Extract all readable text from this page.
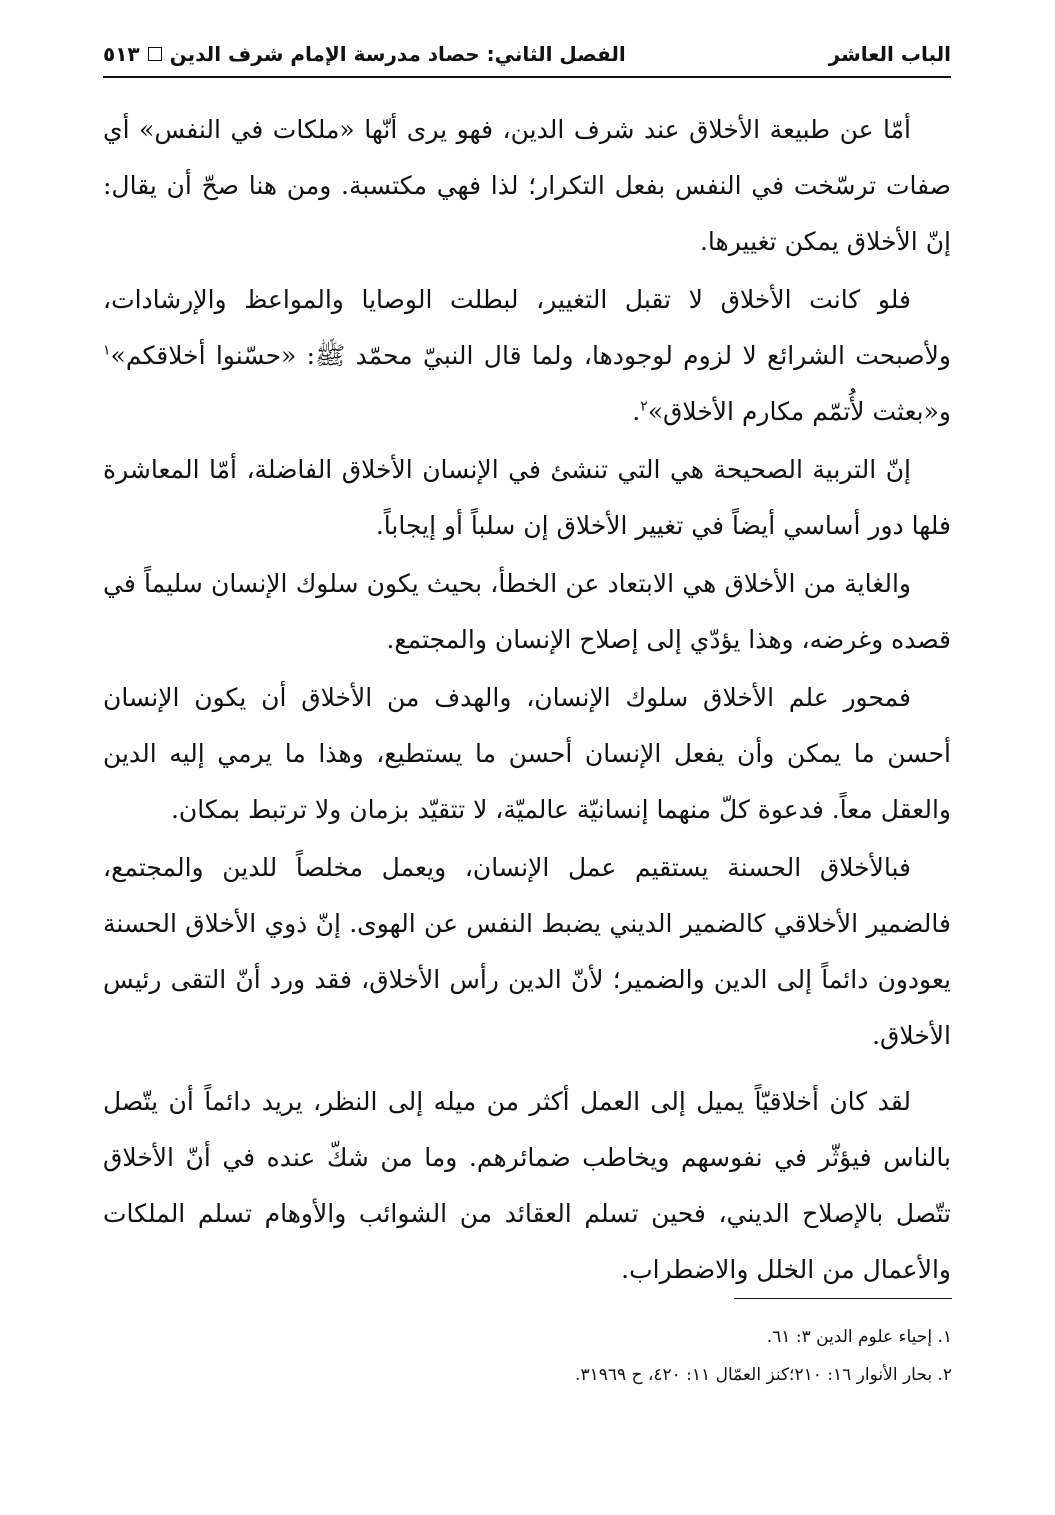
الباب العاشر
الفصل الثاني: حصاد مدرسة الإمام شرف الدين٥١٣

أمّا عن طبيعة الأخلاق عند شرف الدين، فهو يرى أنّها «ملكات في النفس» أي صفات ترسّخت في النفس بفعل التكرار؛ لذا فهي مكتسبة. ومن هنا صحّ أن يقال: إنّ الأخلاق يمكن تغييرها.

فلو كانت الأخلاق لا تقبل التغيير، لبطلت الوصايا والمواعظ والإرشادات، ولأصبحت الشرائع لا لزوم لوجودها، ولما قال النبيّ محمّد ﷺ: «حسّنوا أخلاقكم»$^١$ و«بعثت لأُتمّم مكارم الأخلاق»$^٢$.

إنّ التربية الصحيحة هي التي تنشئ في الإنسان الأخلاق الفاضلة، أمّا المعاشرة فلها دور أساسي أيضاً في تغيير الأخلاق إن سلباً أو إيجاباً.

والغاية من الأخلاق هي الابتعاد عن الخطأ، بحيث يكون سلوك الإنسان سليماً في قصده وغرضه، وهذا يؤدّي إلى إصلاح الإنسان والمجتمع.

فمحور علم الأخلاق سلوك الإنسان، والهدف من الأخلاق أن يكون الإنسان أحسن ما يمكن وأن يفعل الإنسان أحسن ما يستطيع، وهذا ما يرمي إليه الدين والعقل معاً. فدعوة كلّ منهما إنسانيّة عالميّة، لا تتقيّد بزمان ولا ترتبط بمكان.

فبالأخلاق الحسنة يستقيم عمل الإنسان، ويعمل مخلصاً للدين والمجتمع، فالضمير الأخلاقي كالضمير الديني يضبط النفس عن الهوى. إنّ ذوي الأخلاق الحسنة يعودون دائماً إلى الدين والضمير؛ لأنّ الدين رأس الأخلاق، فقد ورد أنّ التقى رئيس الأخلاق.

لقد كان أخلاقيّاً يميل إلى العمل أكثر من ميله إلى النظر، يريد دائماً أن يتّصل بالناس فيؤثّر في نفوسهم ويخاطب ضمائرهم. وما من شكّ عنده في أنّ الأخلاق تتّصل بالإصلاح الديني، فحين تسلم العقائد من الشوائب والأوهام تسلم الملكات والأعمال من الخلل والاضطراب.

١. إحياء علوم الدين ٣: ٦١.
٢. بحار الأنوار ١٦: ٢١٠؛كنز العمّال ١١: ٤٢٠، ح ٣١٩٦٩.
